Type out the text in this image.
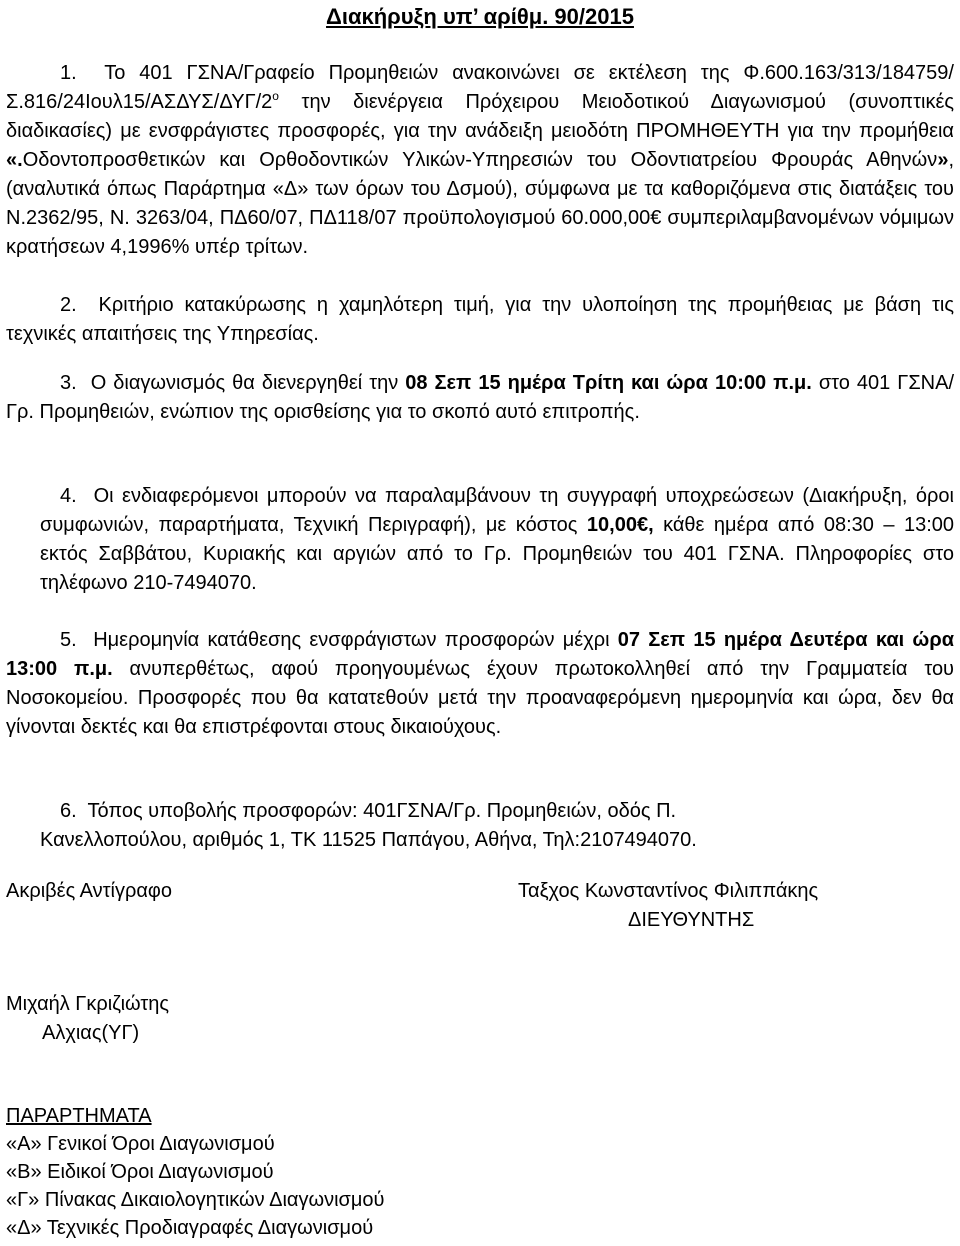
Διακήρυξη υπ’ αρίθμ. 90/2015
1. Το 401 ΓΣΝΑ/Γραφείο Προμηθειών ανακοινώνει σε εκτέλεση της $\Phi.600.163/313/184759/\Sigma.816/24Io\upsilon\lambda 15/A\Sigma\Delta\Upsilon\Sigma/\Delta\Upsilon\Gamma/2^o$ την διενέργεια Πρόχειρου Μειοδοτικού Διαγωνισμού (συνοπτικές διαδικασίες) με ενσφράγιστες προσφορές, για την ανάδειξη μειοδότη ΠΡΟΜΗΘΕΥΤΗ για την προμήθεια «.Οδοντοπροσθετικών και Ορθοδοντικών Υλικών-Υπηρεσιών του Οδοντιατρείου Φρουράς Αθηνών», (αναλυτικά όπως Παράρτημα «Δ» των όρων του Δσμού), σύμφωνα με τα καθοριζόμενα στις διατάξεις του Ν.2362/95, Ν. 3263/04, ΠΔ60/07, ΠΔ118/07 προϋπολογισμού 60.000,00€ συμπεριλαμβανομένων νόμιμων κρατήσεων 4,1996% υπέρ τρίτων.
2. Κριτήριο κατακύρωσης η χαμηλότερη τιμή, για την υλοποίηση της προμήθειας με βάση τις τεχνικές απαιτήσεις της Υπηρεσίας.
3. Ο διαγωνισμός θα διενεργηθεί την 08 Σεπ 15 ημέρα Τρίτη και ώρα 10:00 π.μ. στο 401 ΓΣΝΑ/Γρ. Προμηθειών, ενώπιον της ορισθείσης για το σκοπό αυτό επιτροπής.
4. Οι ενδιαφερόμενοι μπορούν να παραλαμβάνουν τη συγγραφή υποχρεώσεων (Διακήρυξη, όροι συμφωνιών, παραρτήματα, Τεχνική Περιγραφή), με κόστος 10,00€, κάθε ημέρα από 08:30 – 13:00 εκτός Σαββάτου, Κυριακής και αργιών από το Γρ. Προμηθειών του 401 ΓΣΝΑ. Πληροφορίες στο τηλέφωνο 210-7494070.
5. Ημερομηνία κατάθεσης ενσφράγιστων προσφορών μέχρι 07 Σεπ 15 ημέρα Δευτέρα και ώρα 13:00 π.μ. ανυπερθέτως, αφού προηγουμένως έχουν πρωτοκολληθεί από την Γραμματεία του Νοσοκομείου. Προσφορές που θα κατατεθούν μετά την προαναφερόμενη ημερομηνία και ώρα, δεν θα γίνονται δεκτές και θα επιστρέφονται στους δικαιούχους.
6. Τόπος υποβολής προσφορών: 401ΓΣΝΑ/Γρ. Προμηθειών, οδός Π.
Κανελλοπούλου, αριθμός 1, ΤΚ 11525 Παπάγου, Αθήνα, Τηλ:2107494070.
Ακριβές Αντίγραφο	Ταξχος Κωνσταντίνος Φιλιππάκης
ΔΙΕΥΘΥΝΤΗΣ
Μιχαήλ Γκριζιώτης
Αλχιας(ΥΓ)
ΠΑΡΑΡΤΗΜΑΤΑ
«Α» Γενικοί Όροι Διαγωνισμού
«Β» Ειδικοί Όροι Διαγωνισμού
«Γ» Πίνακας Δικαιολογητικών Διαγωνισμού
«Δ» Τεχνικές Προδιαγραφές Διαγωνισμού
